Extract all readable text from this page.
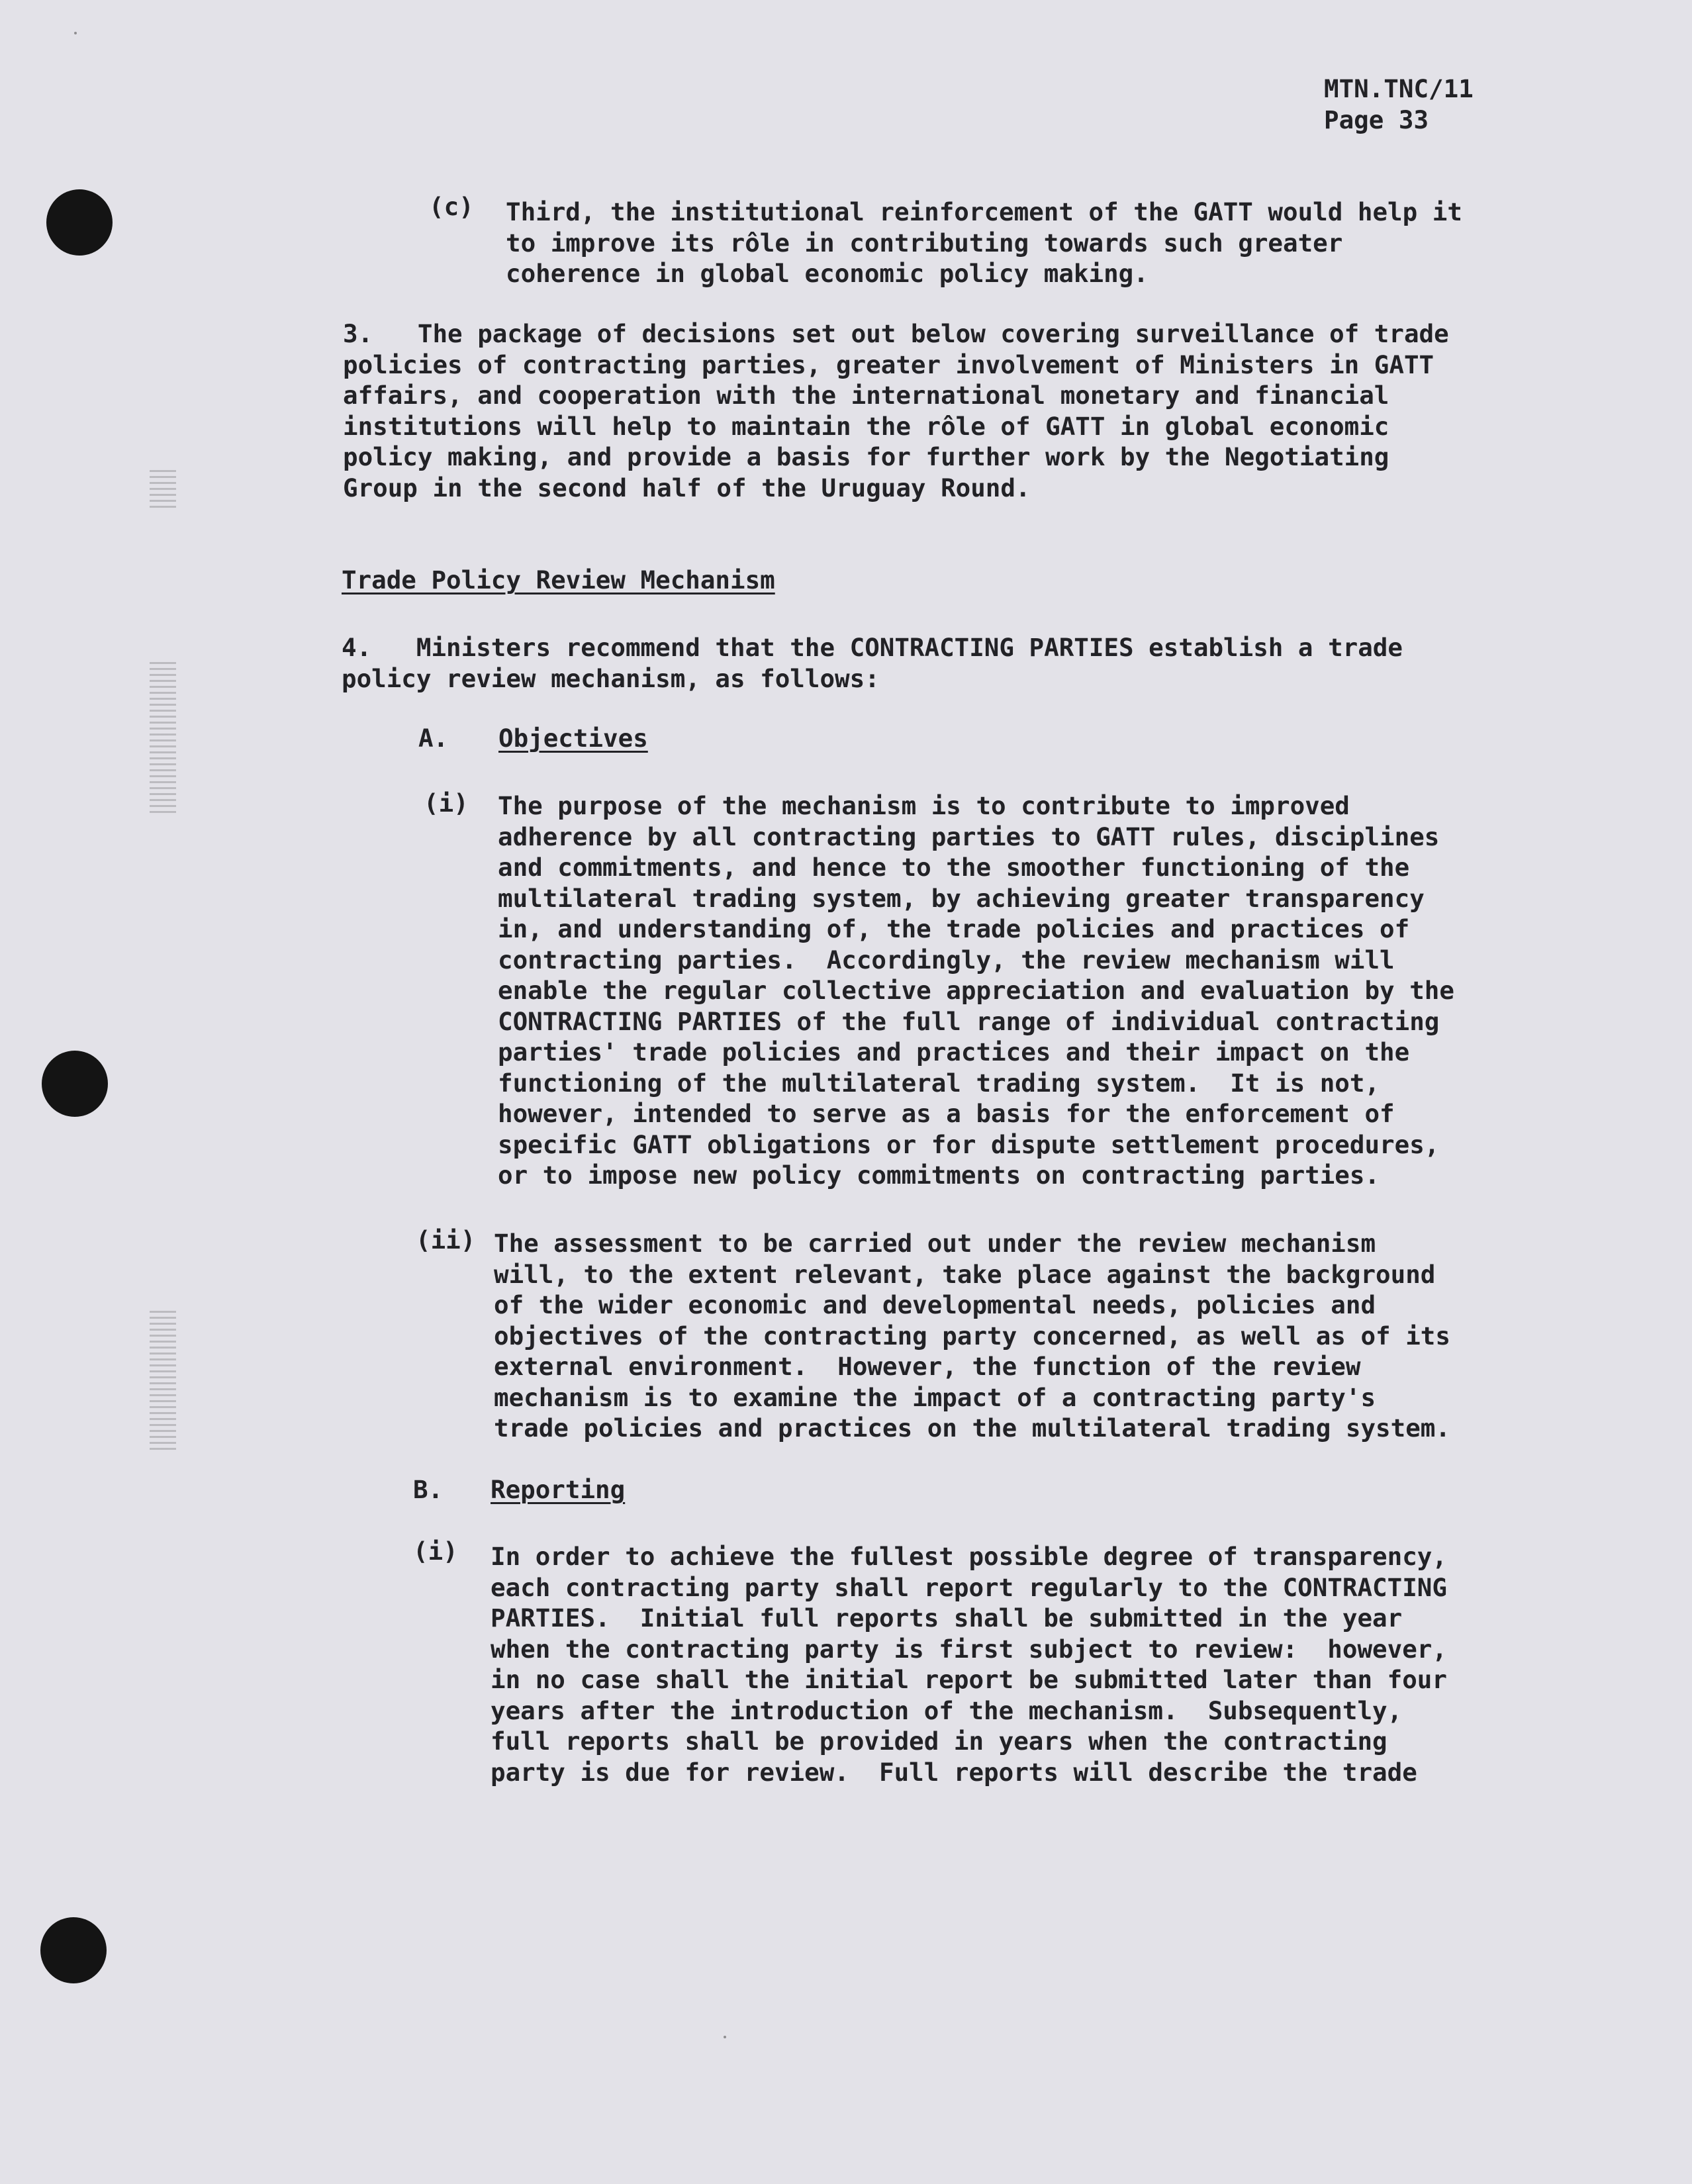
MTN.TNC/11
Page 33
(c) Third, the institutional reinforcement of the GATT would help it
to improve its rôle in contributing towards such greater
coherence in global economic policy making.
3.   The package of decisions set out below covering surveillance of trade
policies of contracting parties, greater involvement of Ministers in GATT
affairs, and cooperation with the international monetary and financial
institutions will help to maintain the rôle of GATT in global economic
policy making, and provide a basis for further work by the Negotiating
Group in the second half of the Uruguay Round.
Trade Policy Review Mechanism
4.   Ministers recommend that the CONTRACTING PARTIES establish a trade
policy review mechanism, as follows:
A. Objectives
(i) The purpose of the mechanism is to contribute to improved
adherence by all contracting parties to GATT rules, disciplines
and commitments, and hence to the smoother functioning of the
multilateral trading system, by achieving greater transparency
in, and understanding of, the trade policies and practices of
contracting parties.  Accordingly, the review mechanism will
enable the regular collective appreciation and evaluation by the
CONTRACTING PARTIES of the full range of individual contracting
parties' trade policies and practices and their impact on the
functioning of the multilateral trading system.  It is not,
however, intended to serve as a basis for the enforcement of
specific GATT obligations or for dispute settlement procedures,
or to impose new policy commitments on contracting parties.
(ii) The assessment to be carried out under the review mechanism
will, to the extent relevant, take place against the background
of the wider economic and developmental needs, policies and
objectives of the contracting party concerned, as well as of its
external environment.  However, the function of the review
mechanism is to examine the impact of a contracting party's
trade policies and practices on the multilateral trading system.
B. Reporting
(i) In order to achieve the fullest possible degree of transparency,
each contracting party shall report regularly to the CONTRACTING
PARTIES.  Initial full reports shall be submitted in the year
when the contracting party is first subject to review:  however,
in no case shall the initial report be submitted later than four
years after the introduction of the mechanism.  Subsequently,
full reports shall be provided in years when the contracting
party is due for review.  Full reports will describe the trade
